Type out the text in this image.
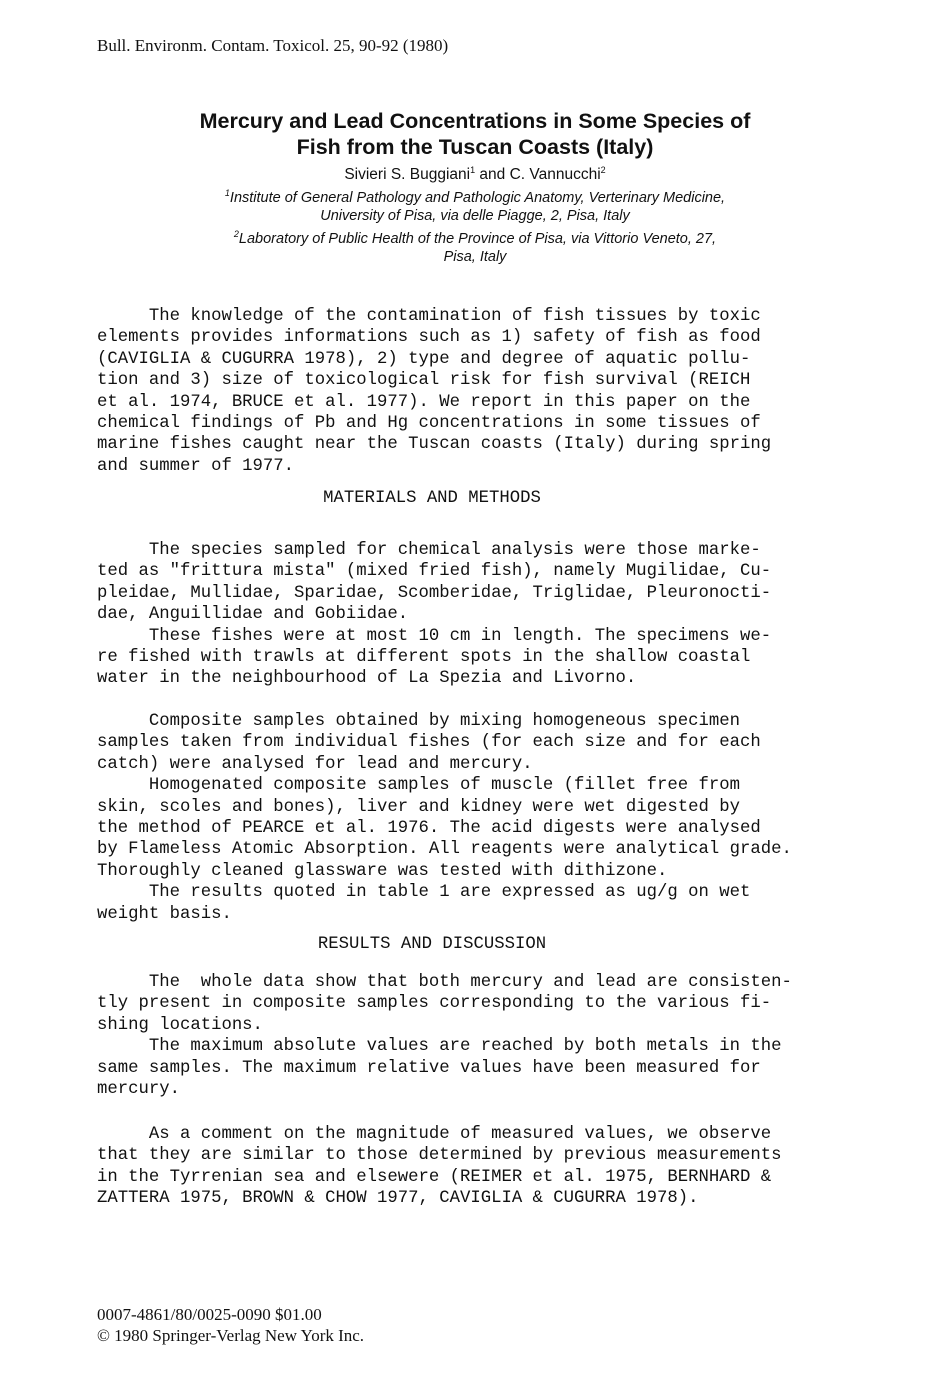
Bull. Environm. Contam. Toxicol. 25, 90-92 (1980)
Mercury and Lead Concentrations in Some Species of
Fish from the Tuscan Coasts (Italy)
Sivieri S. Buggiani$^1$ and C. Vannucchi$^2$
$^1$Institute of General Pathology and Pathologic Anatomy, Verterinary Medicine,
University of Pisa, via delle Piagge, 2, Pisa, Italy
$^2$Laboratory of Public Health of the Province of Pisa, via Vittorio Veneto, 27,
Pisa, Italy

The knowledge of the contamination of fish tissues by toxic
elements provides informations such as 1) safety of fish as food
(CAVIGLIA & CUGURRA 1978), 2) type and degree of aquatic pollu-
tion and 3) size of toxicological risk for fish survival (REICH
et al. 1974, BRUCE et al. 1977). We report in this paper on the
chemical findings of Pb and Hg concentrations in some tissues of
marine fishes caught near the Tuscan coasts (Italy) during spring
and summer of 1977.

MATERIALS AND METHODS

The species sampled for chemical analysis were those marke-
ted as "frittura mista" (mixed fried fish), namely Mugilidae, Cu-
pleidae, Mullidae, Sparidae, Scomberidae, Triglidae, Pleuronocti-
dae, Anguillidae and Gobiidae.
These fishes were at most 10 cm in length. The specimens we-
re fished with trawls at different spots in the shallow coastal
water in the neighbourhood of La Spezia and Livorno.

Composite samples obtained by mixing homogeneous specimen
samples taken from individual fishes (for each size and for each
catch) were analysed for lead and mercury.
Homogenated composite samples of muscle (fillet free from
skin, scoles and bones), liver and kidney were wet digested by
the method of PEARCE et al. 1976. The acid digests were analysed
by Flameless Atomic Absorption. All reagents were analytical grade.
Thoroughly cleaned glassware was tested with dithizone.
The results quoted in table 1 are expressed as ug/g on wet
weight basis.

RESULTS AND DISCUSSION

The  whole data show that both mercury and lead are consisten-
tly present in composite samples corresponding to the various fi-
shing locations.
The maximum absolute values are reached by both metals in the
same samples. The maximum relative values have been measured for
mercury.

As a comment on the magnitude of measured values, we observe
that they are similar to those determined by previous measurements
in the Tyrrenian sea and elsewere (REIMER et al. 1975, BERNHARD &
ZATTERA 1975, BROWN & CHOW 1977, CAVIGLIA & CUGURRA 1978).

0007-4861/80/0025-0090 $01.00
© 1980 Springer-Verlag New York Inc.
